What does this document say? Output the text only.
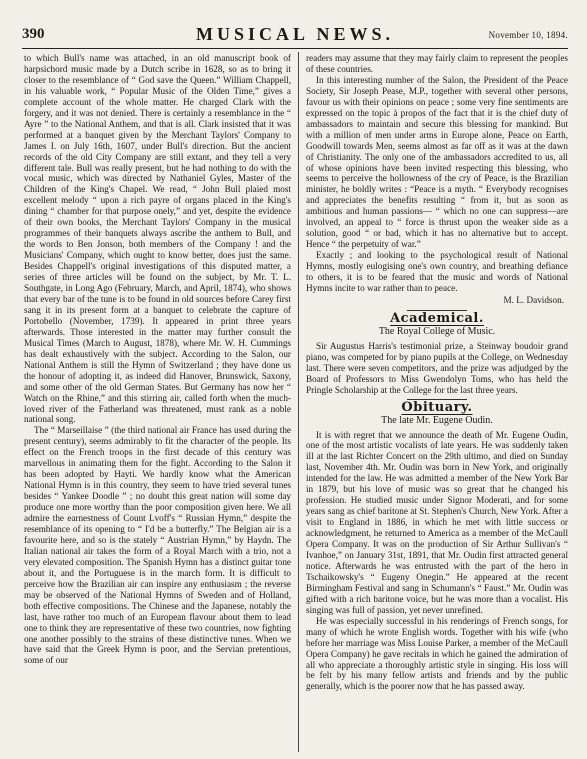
390	MUSICAL NEWS.	November 10, 1894.

to which Bull's name was attached, in an old manuscript book of harpsichord music made by a Dutch scribe in 1628, so as to bring it closer to the resemblance of “ God save the Queen.” William Chappell, in his valuable work, “ Popular Music of the Olden Time,” gives a complete account of the whole matter. He charged Clark with the forgery, and it was not denied. There is certainly a resemblance in the “ Ayre ” to the National Anthem, and that is all. Clark insisted that it was performed at a banquet given by the Merchant Taylors' Company to James I. on July 16th, 1607, under Bull's direction. But the ancient records of the old City Company are still extant, and they tell a very different tale. Bull was really present, but he had nothing to do with the vocal music, which was directed by Nathaniel Gyles, Master of the Children of the King's Chapel. We read, “ John Bull plaied most excellent melody “ upon a rich payre of organs placed in the King's dining “ chamber for that purpose onely,” and yet, despite the evidence of their own books, the Merchant Taylors' Company in the musical programmes of their banquets always ascribe the anthem to Bull, and the words to Ben Jonson, both members of the Company ! and the Musicians' Company, which ought to know better, does just the same. Besides Chappell's original investigations of this disputed matter, a series of three articles will be found on the subject, by Mr. T. L. Southgate, in Long Ago (February, March, and April, 1874), who shows that every bar of the tune is to be found in old sources before Carey first sang it in its present form at a banquet to celebrate the capture of Portobello (November, 1739). It appeared in print three years afterwards. Those interested in the matter may further consult the Musical Times (March to August, 1878), where Mr. W. H. Cummings has dealt exhaustively with the subject. According to the Salon, our National Anthem is still the Hymn of Switzerland ; they have done us the honour of adopting it, as indeed did Hanover, Brunswick, Saxony, and some other of the old German States. But Germany has now her “ Watch on the Rhine,” and this stirring air, called forth when the much-loved river of the Fatherland was threatened, must rank as a noble national song.

The “ Marseillaise ” (the third national air France has used during the present century), seems admirably to fit the character of the people. Its effect on the French troops in the first decade of this century was marvellous in animating them for the fight. According to the Salon it has been adopted by Hayti. We hardly know what the American National Hymn is in this country, they seem to have tried several tunes besides “ Yankee Doodle ” ; no doubt this great nation will some day produce one more worthy than the poor composition given here. We all admire the earnestness of Count Lvoff's “ Russian Hymn,” despite the resemblance of its opening to “ I'd be a butterfly.” The Belgian air is a favourite here, and so is the stately “ Austrian Hymn,” by Haydn. The Italian national air takes the form of a Royal March with a trio, not a very elevated composition. The Spanish Hymn has a distinct guitar tone about it, and the Portuguese is in the march form. It is difficult to perceive how the Brazilian air can inspire any enthusiasm ; the reverse may be observed of the National Hymns of Sweden and of Holland, both effective compositions. The Chinese and the Japanese, notably the last, have rather too much of an European flavour about them to lead one to think they are representative of these two countries, now fighting one another possibly to the strains of these distinctive tunes. When we have said that the Greek Hymn is poor, and the Servian pretentious, some of our

readers may assume that they may fairly claim to represent the peoples of these countries.

In this interesting number of the Salon, the President of the Peace Society, Sir Joseph Pease, M.P., together with several other persons, favour us with their opinions on peace ; some very fine sentiments are expressed on the topic à propos of the fact that it is the chief duty of ambassadors to maintain and secure this blessing for mankind. But with a million of men under arms in Europe alone, Peace on Earth, Goodwill towards Men, seems almost as far off as it was at the dawn of Christianity. The only one of the ambassadors accredited to us, all of whose opinions have been invited respecting this blessing, who seems to perceive the hollowness of the cry of Peace, is the Brazilian minister, he boldly writes : “Peace is a myth. “ Everybody recognises and appreciates the benefits resulting “ from it, but as soon as ambitious and human passions— “ which no one can suppress—are involved, an appeal to “ force is thrust upon the weaker side as a solution, good “ or bad, which it has no alternative but to accept. Hence “ the perpetuity of war.”

Exactly ; and looking to the psychological result of National Hymns, mostly eulogising one's own country, and breathing defiance to others, it is to be feared that the music and words of National Hymns incite to war rather than to peace.

M. L. Davidson.
Academical.
The Royal College of Music.

Sir Augustus Harris's testimonial prize, a Steinway boudoir grand piano, was competed for by piano pupils at the College, on Wednesday last. There were seven competitors, and the prize was adjudged by the Board of Professors to Miss Gwendolyn Toms, who has held the Pringle Scholarship at the College for the last three years.

Obituary.
The late Mr. Eugene Oudin.

It is with regret that we announce the death of Mr. Eugene Oudin, one of the most artistic vocalists of late years. He was suddenly taken ill at the last Richter Concert on the 29th ultimo, and died on Sunday last, November 4th. Mr. Oudin was born in New York, and originally intended for the law. He was admitted a member of the New York Bar in 1879, but his love of music was so great that he changed his profession. He studied music under Signor Moderati, and for some years sang as chief baritone at St. Stephen's Church, New York. After a visit to England in 1886, in which he met with little success or acknowledgment, he returned to America as a member of the McCaull Opera Company. It was on the production of Sir Arthur Sullivan's “ Ivanhoe,” on January 31st, 1891, that Mr. Oudin first attracted general notice. Afterwards he was entrusted with the part of the hero in Tschaikowsky's “ Eugeny Onegin.” He appeared at the recent Birmingham Festival and sang in Schumann's “ Faust.” Mr. Oudin was gifted with a rich baritone voice, but he was more than a vocalist. His singing was full of passion, yet never unrefined.

He was especially successful in his renderings of French songs, for many of which he wrote English words. Together with his wife (who before her marriage was Miss Louise Parker, a member of the McCaull Opera Company) he gave recitals in which he gained the admiration of all who appreciate a thoroughly artistic style in singing. His loss will be felt by his many fellow artists and friends and by the public generally, which is the poorer now that he has passed away.
